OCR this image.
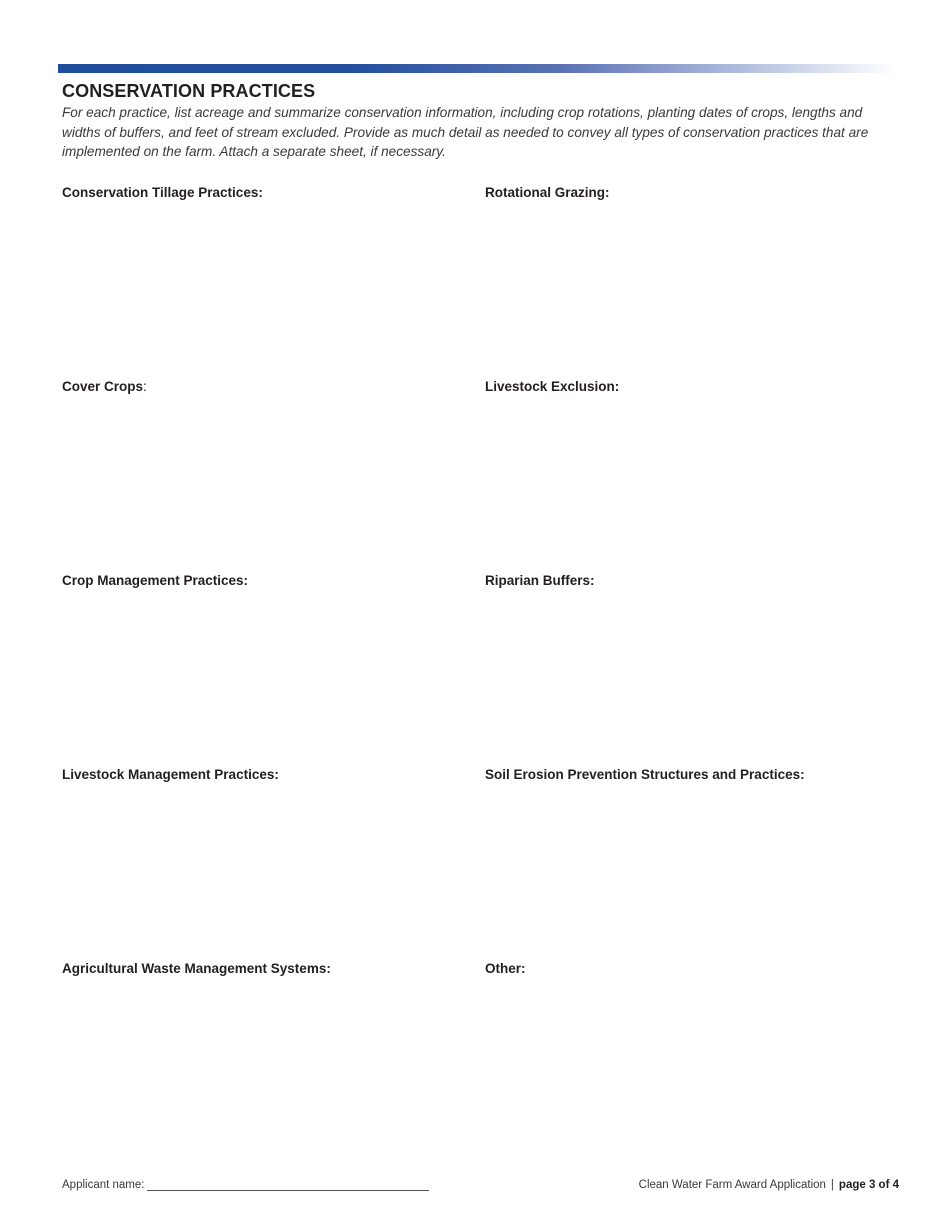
CONSERVATION PRACTICES
For each practice, list acreage and summarize conservation information, including crop rotations, planting dates of crops, lengths and widths of buffers, and feet of stream excluded. Provide as much detail as needed to convey all types of conservation practices that are implemented on the farm. Attach a separate sheet, if necessary.
Conservation Tillage Practices:	Rotational Grazing:
Cover Crops:	Livestock Exclusion:
Crop Management Practices:	Riparian Buffers:
Livestock Management Practices:	Soil Erosion Prevention Structures and Practices:
Agricultural Waste Management Systems:	Other:
Applicant name:	Clean Water Farm Award Application | page 3 of 4
